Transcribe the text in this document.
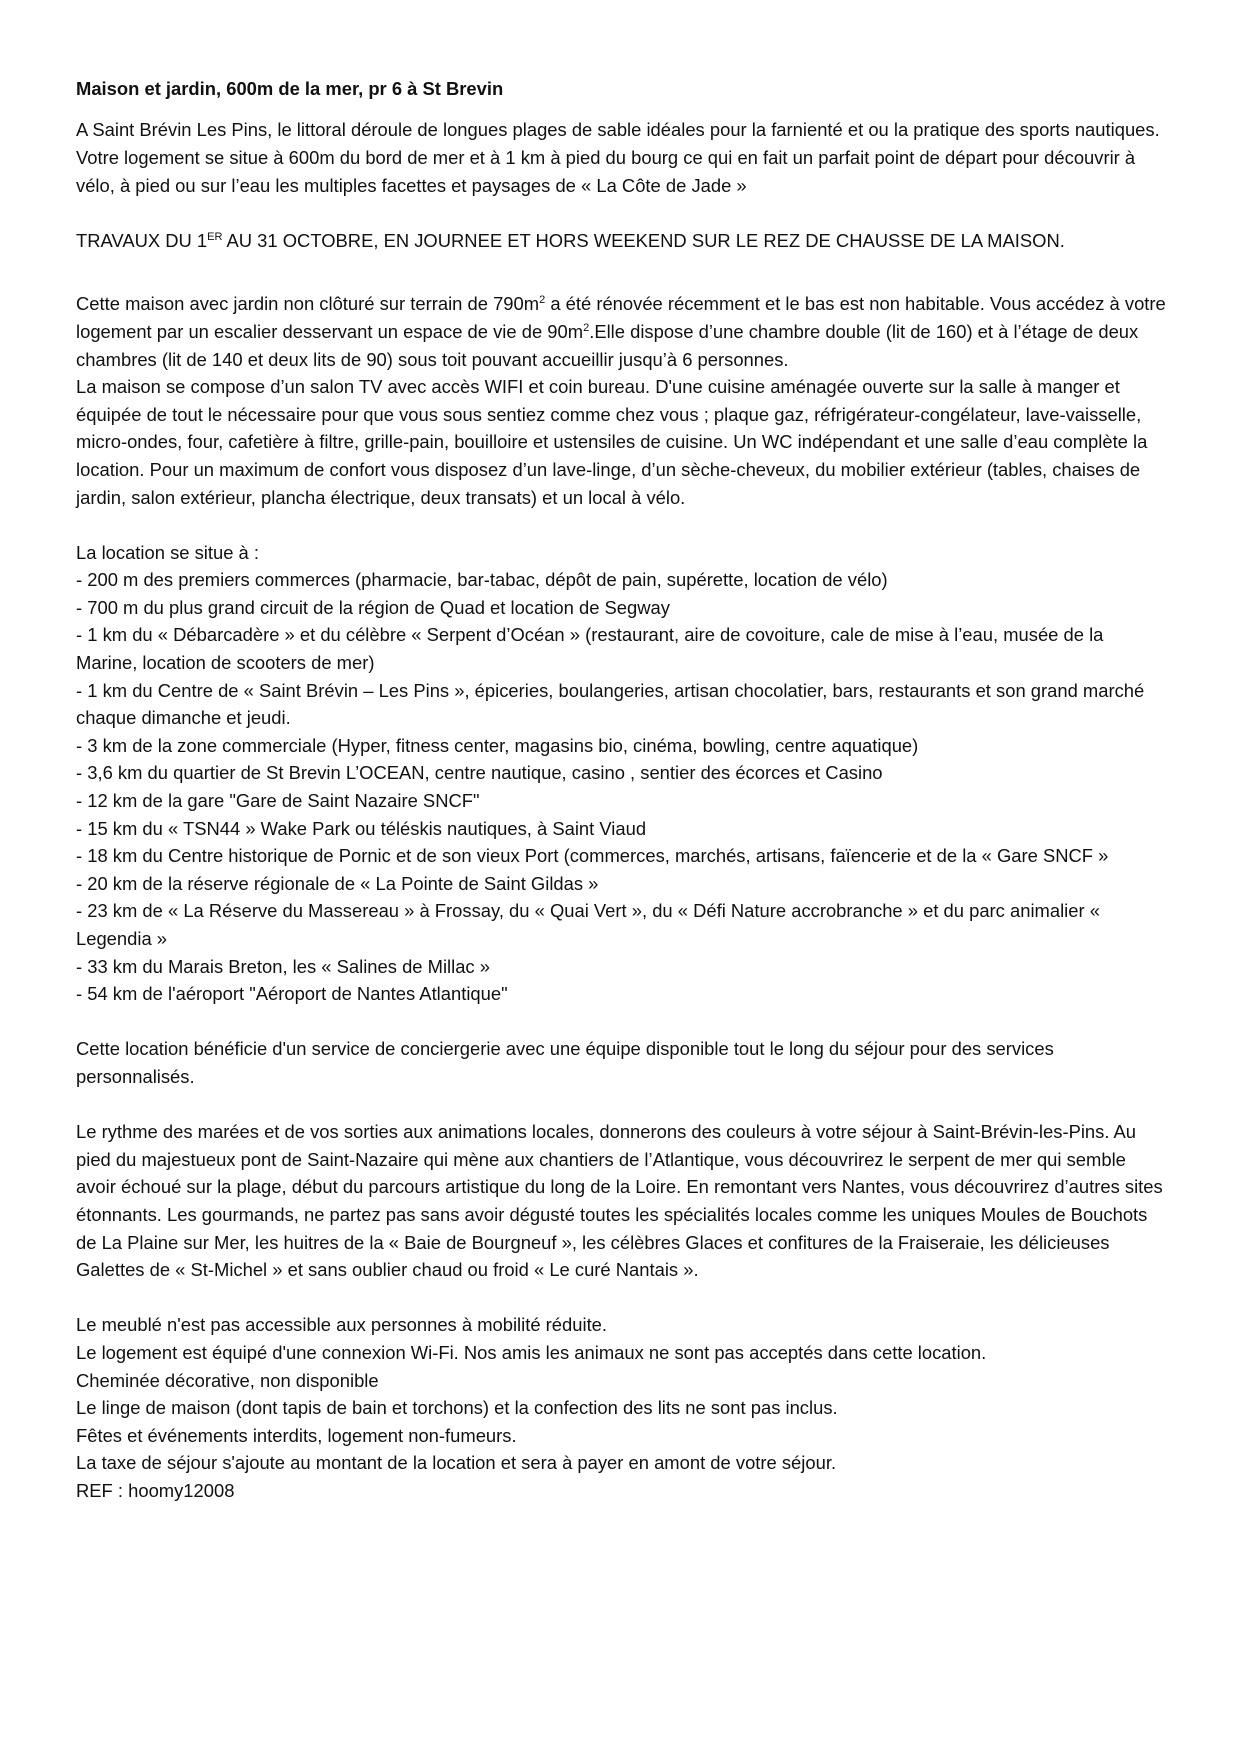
Maison et jardin, 600m de la mer, pr 6 à St Brevin

A Saint Brévin Les Pins, le littoral déroule de longues plages de sable idéales pour la farnienté et ou la pratique des sports nautiques.

Votre logement se situe à 600m du bord de mer et à 1 km à pied du bourg ce qui en fait un parfait point de départ pour découvrir à vélo, à pied ou sur l’eau les multiples facettes et paysages de « La Côte de Jade »

TRAVAUX DU 1ER AU 31 OCTOBRE, EN JOURNEE ET HORS WEEKEND SUR LE REZ DE CHAUSSE DE LA MAISON.

Cette maison avec jardin non clôturé sur terrain de $790m^2$ a été rénovée récemment et le bas est non habitable. Vous accédez à votre logement par un escalier desservant un espace de vie de $90m^2.Elle$ dispose d’une chambre double (lit de 160) et à l’étage de deux chambres (lit de 140 et deux lits de 90) sous toit pouvant accueillir jusqu’à 6 personnes.

La maison se compose d’un salon TV avec accès WIFI et coin bureau. D'une cuisine aménagée ouverte sur la salle à manger et équipée de tout le nécessaire pour que vous sous sentiez comme chez vous ; plaque gaz, réfrigérateur-congélateur, lave-vaisselle, micro-ondes, four, cafetière à filtre, grille-pain, bouilloire et ustensiles de cuisine. Un WC indépendant et une salle d’eau complète la location. Pour un maximum de confort vous disposez d’un lave-linge, d’un sèche-cheveux, du mobilier extérieur (tables, chaises de jardin, salon extérieur, plancha électrique, deux transats) et un local à vélo.

La location se situe à :

- 200 m des premiers commerces (pharmacie, bar-tabac, dépôt de pain, supérette, location de vélo)

- 700 m du plus grand circuit de la région de Quad et location de Segway

- 1 km du « Débarcadère » et du célèbre « Serpent d’Océan » (restaurant, aire de covoiture, cale de mise à l’eau, musée de la Marine, location de scooters de mer)

- 1 km du Centre de « Saint Brévin – Les Pins », épiceries, boulangeries, artisan chocolatier, bars, restaurants et son grand marché chaque dimanche et jeudi.

- 3 km de la zone commerciale (Hyper, fitness center, magasins bio, cinéma, bowling, centre aquatique)

- 3,6 km du quartier de St Brevin L’OCEAN, centre nautique, casino , sentier des écorces et Casino

- 12 km de la gare "Gare de Saint Nazaire SNCF"

- 15 km du « TSN44 » Wake Park ou téléskis nautiques, à Saint Viaud

- 18 km du Centre historique de Pornic et de son vieux Port (commerces, marchés, artisans, faïencerie et de la « Gare SNCF »

- 20 km de la réserve régionale de « La Pointe de Saint Gildas »

- 23 km de « La Réserve du Massereau » à Frossay, du « Quai Vert », du « Défi Nature accrobranche » et du parc animalier « Legendia »

- 33 km du Marais Breton, les « Salines de Millac »

- 54 km de l'aéroport "Aéroport de Nantes Atlantique"

Cette location bénéficie d'un service de conciergerie avec une équipe disponible tout le long du séjour pour des services personnalisés.

Le rythme des marées et de vos sorties aux animations locales, donnerons des couleurs à votre séjour à Saint-Brévin-les-Pins. Au pied du majestueux pont de Saint-Nazaire qui mène aux chantiers de l’Atlantique, vous découvrirez le serpent de mer qui semble avoir échoué sur la plage, début du parcours artistique du long de la Loire. En remontant vers Nantes, vous découvrirez d’autres sites étonnants. Les gourmands, ne partez pas sans avoir dégusté toutes les spécialités locales comme les uniques Moules de Bouchots de La Plaine sur Mer, les huitres de la « Baie de Bourgneuf », les célèbres Glaces et confitures de la Fraiseraie, les délicieuses Galettes de « St-Michel » et sans oublier chaud ou froid « Le curé Nantais ».

Le meublé n'est pas accessible aux personnes à mobilité réduite.

Le logement est équipé d'une connexion Wi-Fi. Nos amis les animaux ne sont pas acceptés dans cette location.

Cheminée décorative, non disponible

Le linge de maison (dont tapis de bain et torchons) et la confection des lits ne sont pas inclus.

Fêtes et événements interdits, logement non-fumeurs.

La taxe de séjour s'ajoute au montant de la location et sera à payer en amont de votre séjour.

REF : hoomy12008
